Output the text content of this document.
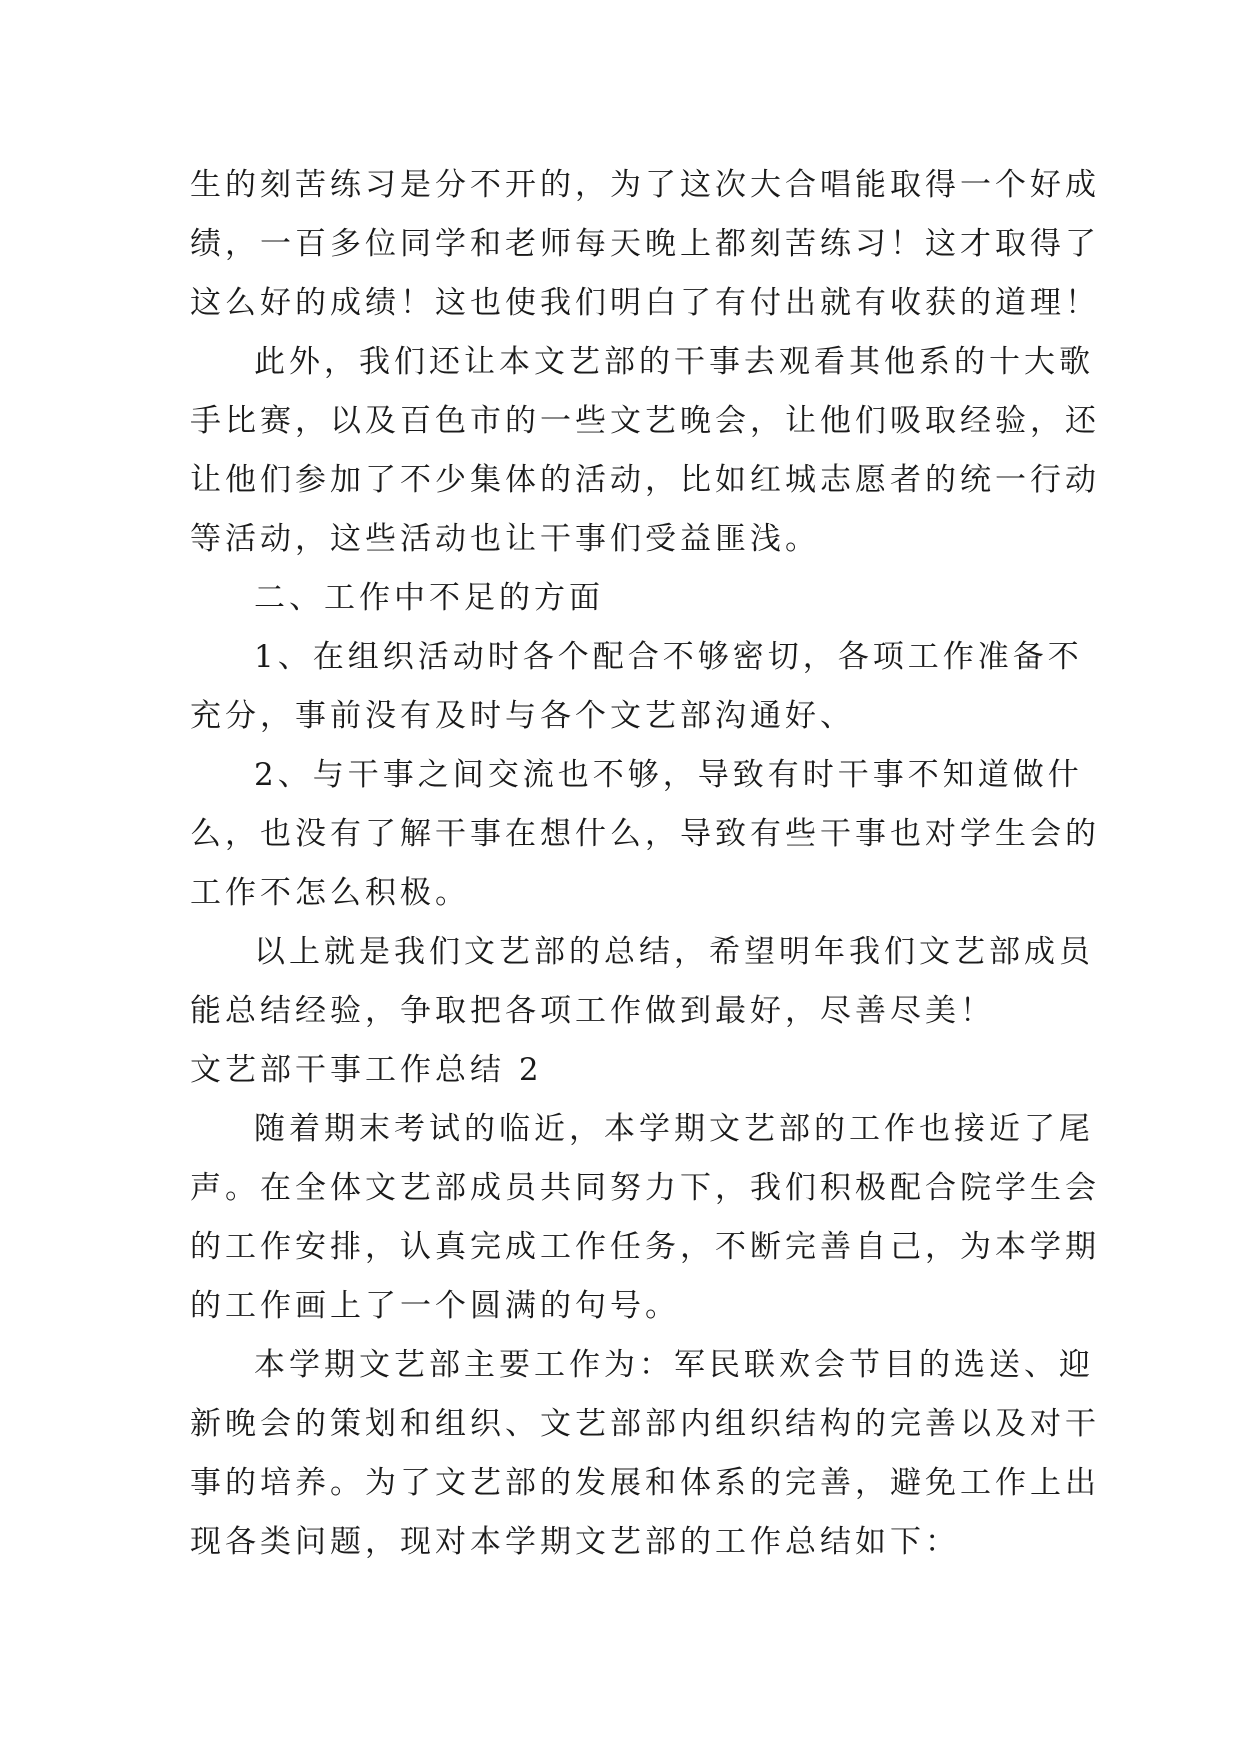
生的刻苦练习是分不开的，为了这次大合唱能取得一个好成
绩，一百多位同学和老师每天晚上都刻苦练习！这才取得了
这么好的成绩！这也使我们明白了有付出就有收获的道理！
此外，我们还让本文艺部的干事去观看其他系的十大歌
手比赛，以及百色市的一些文艺晚会，让他们吸取经验，还
让他们参加了不少集体的活动，比如红城志愿者的统一行动
等活动，这些活动也让干事们受益匪浅。
二、工作中不足的方面
1、在组织活动时各个配合不够密切，各项工作准备不
充分，事前没有及时与各个文艺部沟通好、
2、与干事之间交流也不够，导致有时干事不知道做什
么，也没有了解干事在想什么，导致有些干事也对学生会的
工作不怎么积极。
以上就是我们文艺部的总结，希望明年我们文艺部成员
能总结经验，争取把各项工作做到最好，尽善尽美！
文艺部干事工作总结 2
随着期末考试的临近，本学期文艺部的工作也接近了尾
声。在全体文艺部成员共同努力下，我们积极配合院学生会
的工作安排，认真完成工作任务，不断完善自己，为本学期
的工作画上了一个圆满的句号。
本学期文艺部主要工作为：军民联欢会节目的选送、迎
新晚会的策划和组织、文艺部部内组织结构的完善以及对干
事的培养。为了文艺部的发展和体系的完善，避免工作上出
现各类问题，现对本学期文艺部的工作总结如下：
